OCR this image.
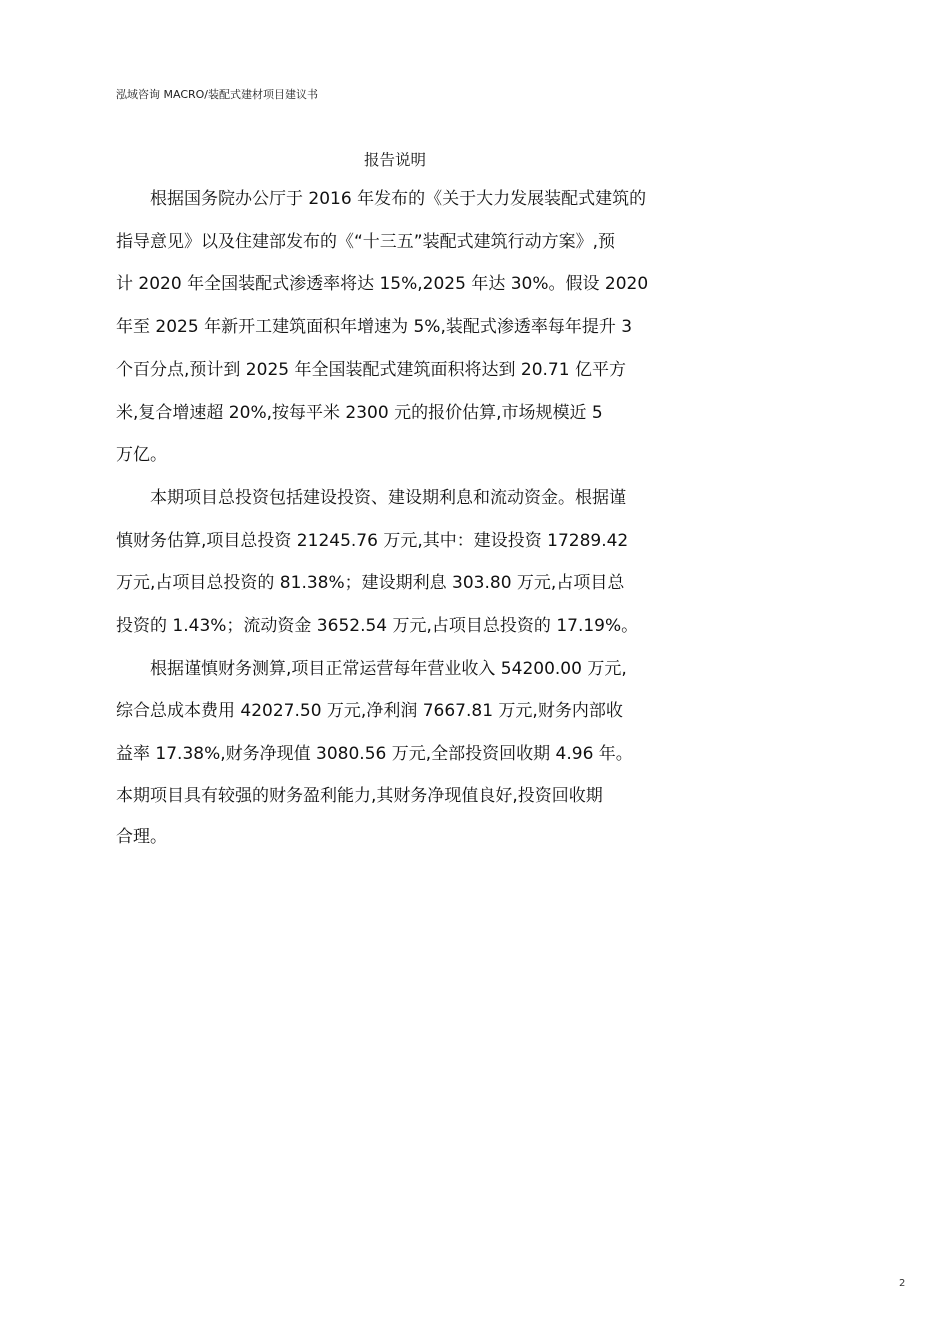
泓域咨询 MACRO/装配式建材项目建议书
报告说明
根据国务院办公厅于 2016 年发布的《关于大力发展装配式建筑的
指导意见》以及住建部发布的《“十三五”装配式建筑行动方案》,预
计 2020 年全国装配式渗透率将达 15%,2025 年达 30%。假设 2020
年至 2025 年新开工建筑面积年增速为 5%,装配式渗透率每年提升 3
个百分点,预计到 2025 年全国装配式建筑面积将达到 20.71 亿平方
米,复合增速超 20%,按每平米 2300 元的报价估算,市场规模近 5
万亿。
本期项目总投资包括建设投资、建设期利息和流动资金。根据谨
慎财务估算,项目总投资 21245.76 万元,其中：建设投资 17289.42
万元,占项目总投资的 81.38%；建设期利息 303.80 万元,占项目总
投资的 1.43%；流动资金 3652.54 万元,占项目总投资的 17.19%。
根据谨慎财务测算,项目正常运营每年营业收入 54200.00 万元,
综合总成本费用 42027.50 万元,净利润 7667.81 万元,财务内部收
益率 17.38%,财务净现值 3080.56 万元,全部投资回收期 4.96 年。
本期项目具有较强的财务盈利能力,其财务净现值良好,投资回收期
合理。
2
